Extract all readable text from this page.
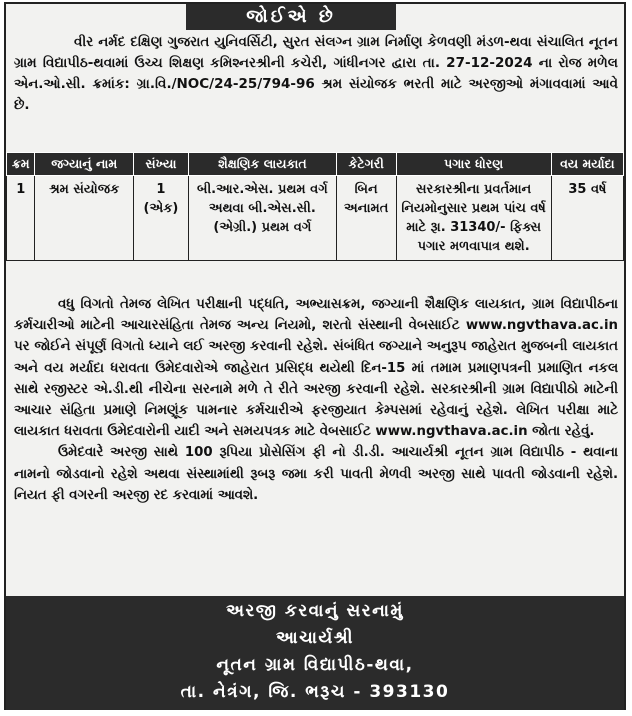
જોઈએ છે
વીર નર્મદ દક્ષિણ ગુજરાત યુનિવર્સિટી, સુરત સંલગ્ન ગ્રામ નિર્માણ કેળવણી મંડળ-થવા સંચાલિત નૂતન ગ્રામ વિદ્યાપીઠ-થવામાં ઉચ્ચ શિક્ષણ કમિશ્નરશ્રીની કચેરી, ગાંધીનગર દ્વારા તા. 27-12-2024 ના રોજ મળેલ એન.ઓ.સી. ક્રમાંક: ગ્રા.વિ./NOC/24-25/794-96 શ્રમ સંયોજક ભરતી માટે અરજીઓ મંગાવવામાં આવે છે.
ક્રમ	જગ્યાનું નામ	સંખ્યા	શૈક્ષણિક લાયકાત	કેટેગરી	પગાર ધોરણ	વય મર્યાદા
1	શ્રમ સંયોજક	1 (એક)	બી.આર.એસ. પ્રથમ વર્ગ અથવા બી.એસ.સી. (એગ્રી.) પ્રથમ વર્ગ	બિન અનામત	સરકારશ્રીના પ્રવર્તમાન નિયમોનુસાર પ્રથમ પાંચ વર્ષ માટે રૂા. 31340/- ફિક્સ પગાર મળવાપાત્ર થશે.	35 વર્ષ

વધુ વિગતો તેમજ લેખિત પરીક્ષાની પદ્ધતિ, અભ્યાસક્રમ, જગ્યાની શૈક્ષણિક લાયકાત, ગ્રામ વિદ્યાપીઠના કર્મચારીઓ માટેની આચારસંહિતા તેમજ અન્ય નિયમો, શરતો સંસ્થાની વેબસાઈટ www.ngvthava.ac.in પર જોઈને સંપૂર્ણ વિગતો ધ્યાને લઈ અરજી કરવાની રહેશે. સંબંધિત જગ્યાને અનુરૂપ જાહેરાત મુજબની લાયકાત અને વય મર્યાદા ધરાવતા ઉમેદવારોએ જાહેરાત પ્રસિદ્ધ થયેથી દિન-15 માં તમામ પ્રમાણપત્રની પ્રમાણિત નકલ સાથે રજીસ્ટર એ.ડી.થી નીચેના સરનામે મળે તે રીતે અરજી કરવાની રહેશે. સરકારશ્રીની ગ્રામ વિદ્યાપીઠો માટેની આચાર સંહિતા પ્રમાણે નિમણૂંક પામનાર કર્મચારીએ ફરજીયાત કેમ્પસમાં રહેવાનું રહેશે. લેખિત પરીક્ષા માટે લાયકાત ધરાવતા ઉમેદવારોની યાદી અને સમયપત્રક માટે વેબસાઈટ www.ngvthava.ac.in જોતા રહેવું.

ઉમેદવારે અરજી સાથે 100 રૂપિયા પ્રોસેસિંગ ફી નો ડી.ડી. આચાર્યશ્રી નૂતન ગ્રામ વિદ્યાપીઠ - થવાના નામનો જોડવાનો રહેશે અથવા સંસ્થામાંથી રૂબરૂ જમા કરી પાવતી મેળવી અરજી સાથે પાવતી જોડવાની રહેશે. નિયત ફી વગરની અરજી રદ કરવામાં આવશે.

અરજી કરવાનું સરનામું
આચાર્યશ્રી
નૂતન ગ્રામ વિદ્યાપીઠ-થવા,
તા. નેત્રંગ, જિ. ભરૂચ - 393130
